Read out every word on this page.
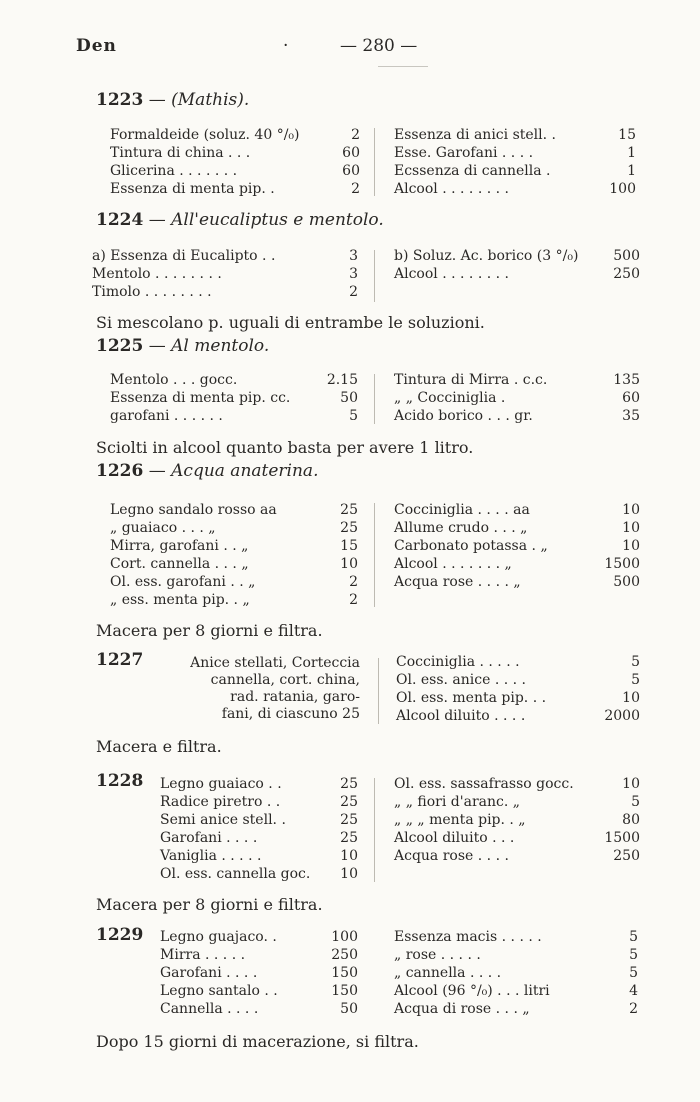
Den	·	— 280 —
1223 — (Mathis).
Formaldeide (soluz. 40 °/₀)	2
Tintura di china . . .	60
Glicerina . . . . . . .	60
Essenza di menta pip. .	2
Essenza di anici stell. .	15
Esse. Garofani . . . .	1
Ecssenza di cannella .	1
Alcool . . . . . . . .	100
1224 — All'eucaliptus e mentolo.
a) Essenza di Eucalipto . .	3
Mentolo . . . . . . . .	3
Timolo . . . . . . . .	2
b) Soluz. Ac. borico (3 °/₀) 500
Alcool . . . . . . . .	250
Si mescolano p. uguali di entrambe le soluzioni.
1225 — Al mentolo.
Mentolo . . . gocc.	2.15
Essenza di menta pip. cc.	50
garofani . . . . . .	5
Tintura di Mirra . c.c.	135
„ „ Cocciniglia .	60
Acido borico . . . gr.	35
Sciolti in alcool quanto basta per avere 1 litro.
1226 — Acqua anaterina.
Legno sandalo rosso aa	25
„ guaiaco . . . „	25
Mirra, garofani . . „	15
Cort. cannella . . . „	10
Ol. ess. garofani . . „	2
„ ess. menta pip. . „	2
Cocciniglia . . . . aa	10
Allume crudo . . . „	10
Carbonato potassa . „	10
Alcool . . . . . . . „	1500
Acqua rose . . . . „	500
Macera per 8 giorni e filtra.
1227	Anice stellati, Corteccia
cannella, cort. china,
rad. ratania, garo-
fani, di ciascuno 25
Cocciniglia . . . . .	5
Ol. ess. anice . . . .	5
Ol. ess. menta pip. . .	10
Alcool diluito . . . .	2000
Macera e filtra.
1228 Legno guaiaco . .	25
Radice piretro . .	25
Semi anice stell. .	25
Garofani . . . .	25
Vaniglia . . . . .	10
Ol. ess. cannella goc. 10
Ol. ess. sassafrasso gocc.	10
„ „ fiori d'aranc. „	5
„ „ „ menta pip. . „	80
Alcool diluito . . .	1500
Acqua rose . . . .	250
Macera per 8 giorni e filtra.
1229 Legno guajaco. .	100
Mirra . . . . .	250
Garofani . . . .	150
Legno santalo . .	150
Cannella . . . .	50
Essenza macis . . . . .	5
„ rose . . . . .	5
„ cannella . . . .	5
Alcool (96 °/₀) . . . litri	4
Acqua di rose . . . „	2
Dopo 15 giorni di macerazione, si filtra.
